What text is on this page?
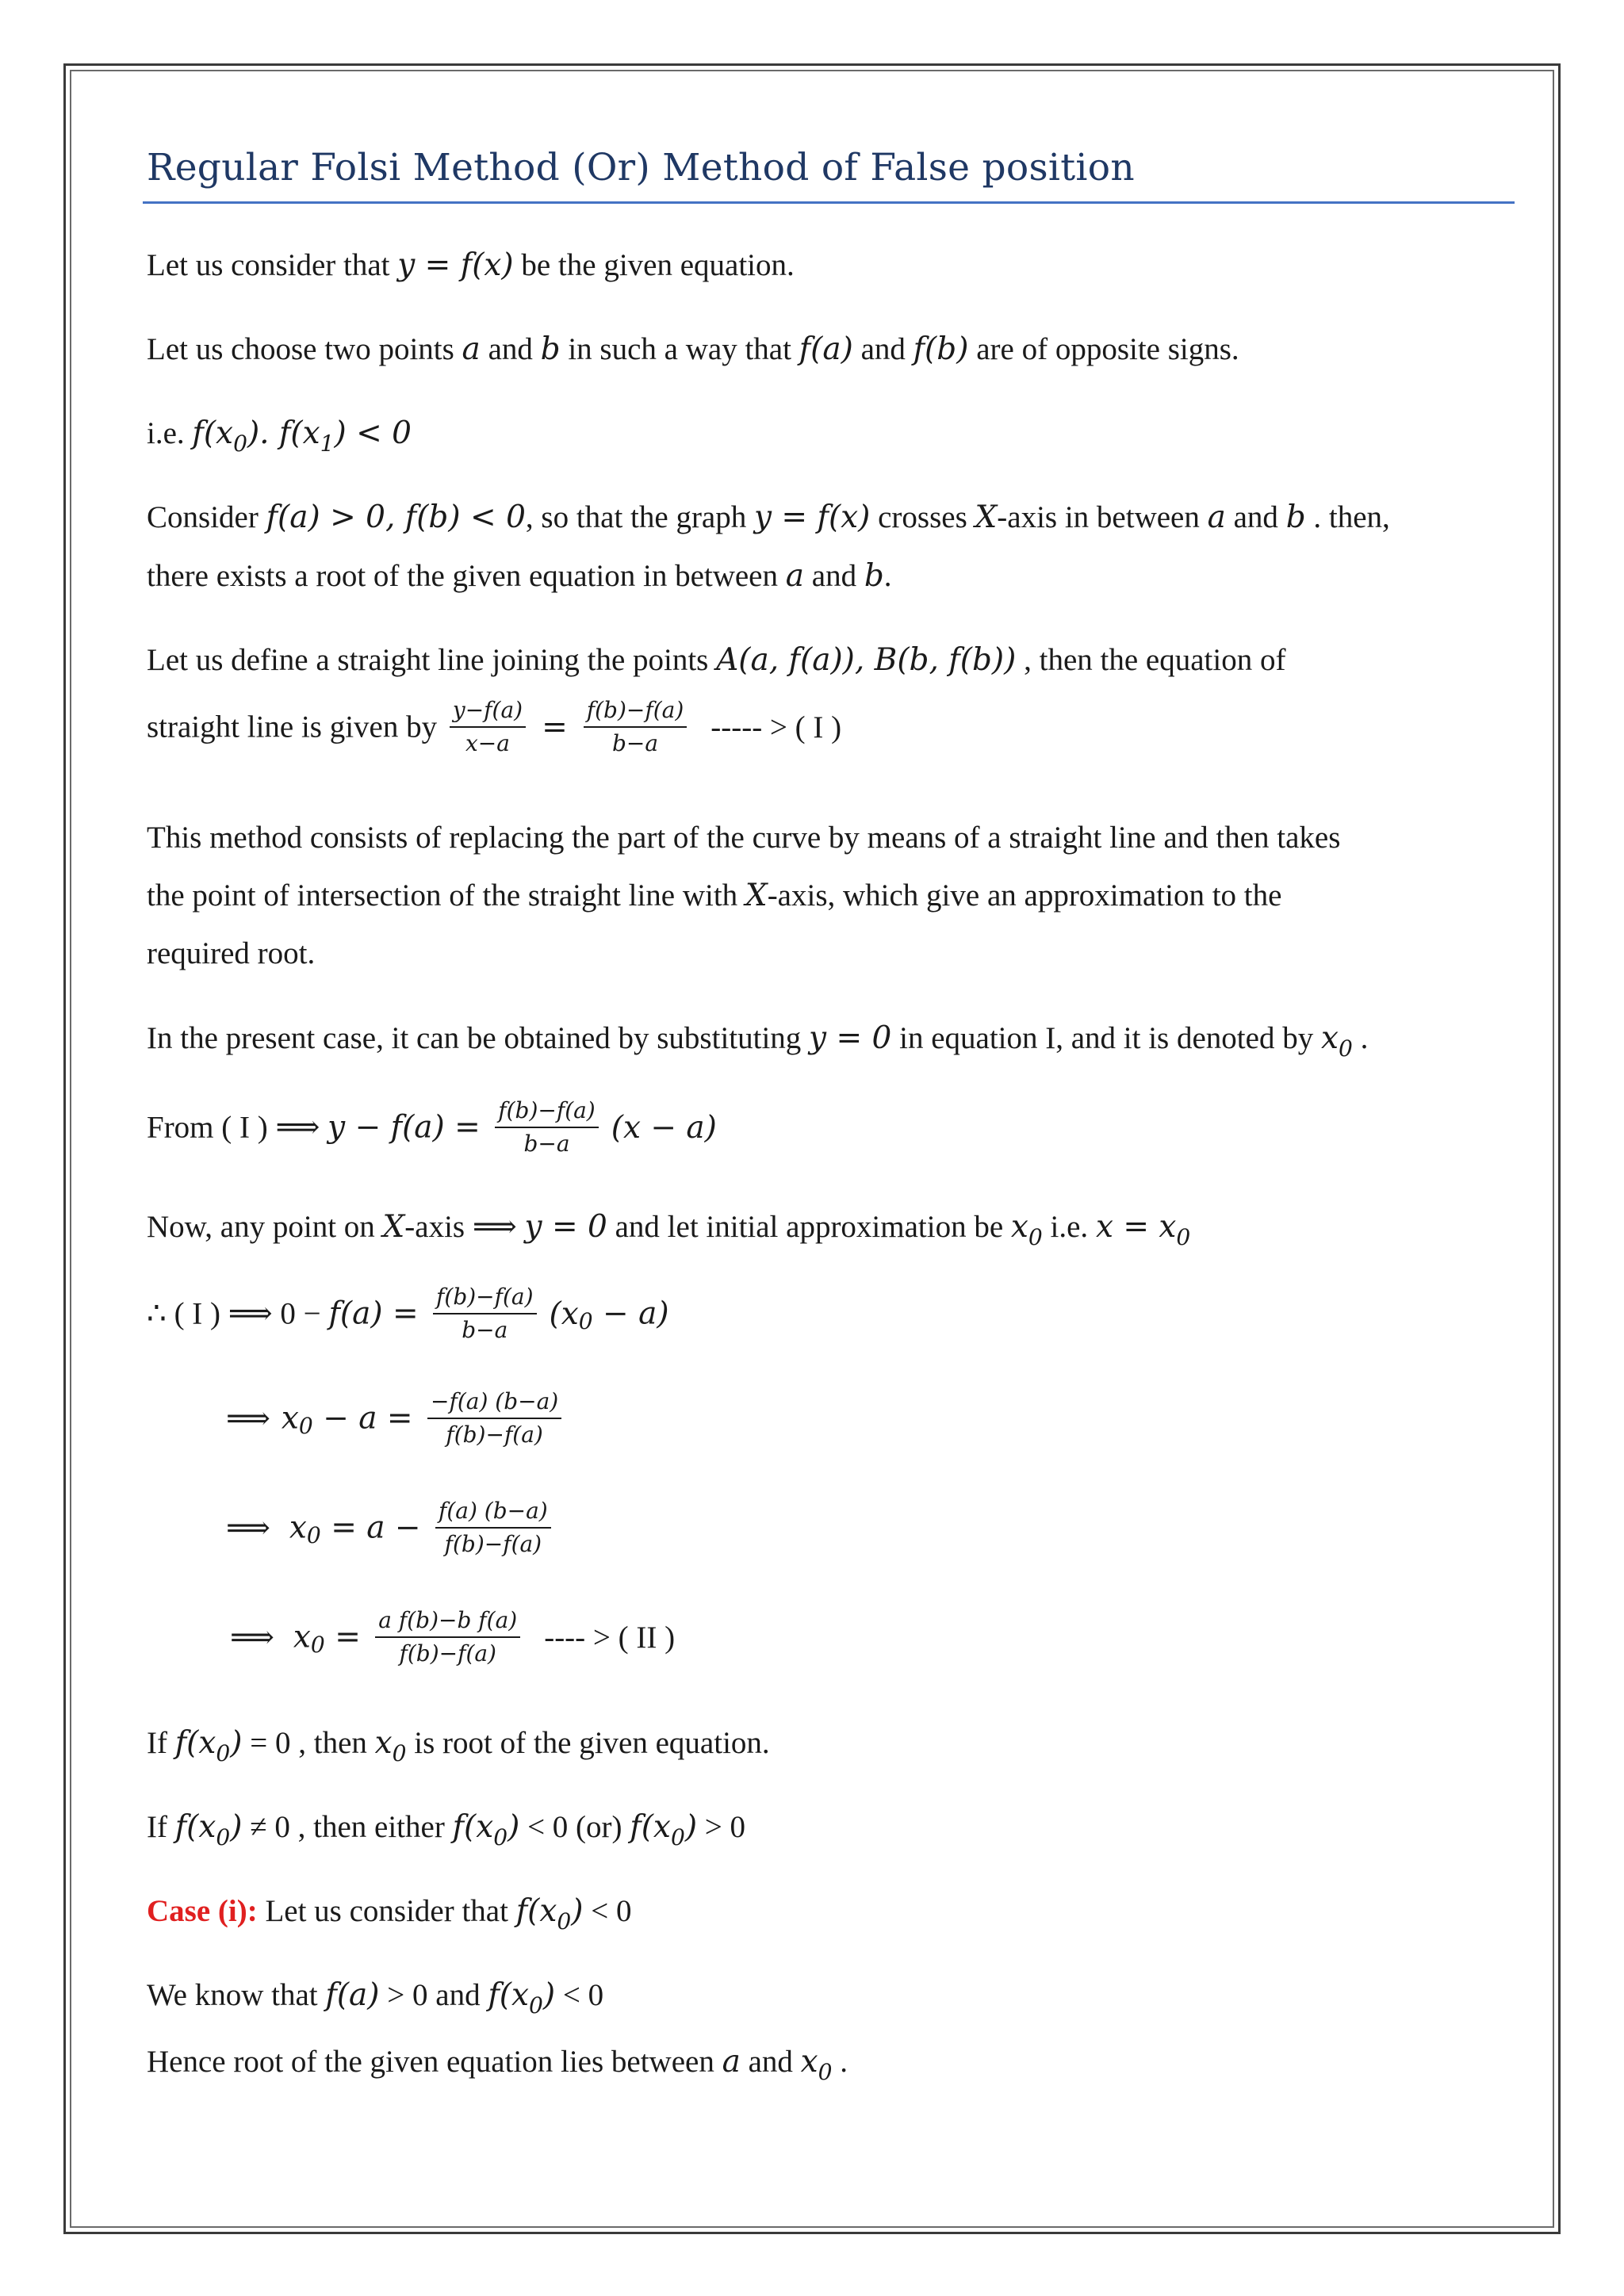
Regular Folsi Method (Or) Method of False position
Let us consider that y = f(x) be the given equation.
Let us choose two points a and b in such a way that f(a) and f(b) are of opposite signs.
i.e. $f(x_0)$. $f(x_1) < 0$
Consider f(a) > 0, f(b) < 0, so that the graph y = f(x) crosses X-axis in between a and b . then,
there exists a root of the given equation in between a and b.
Let us define a straight line joining the points A(a, f(a)), B(b, f(b)) , then the equation of
straight line is given by $\frac{y-f(a)}{x-a} = \frac{f(b)-f(a)}{b-a}$ ----- > ( I )
This method consists of replacing the part of the curve by means of a straight line and then takes
the point of intersection of the straight line with X-axis, which give an approximation to the
required root.
In the present case, it can be obtained by substituting y = 0 in equation I, and it is denoted by $x_0$ .
From ( I ) ⟹ $y - f(a) = \frac{f(b)-f(a)}{b-a} (x - a)$
Now, any point on X-axis ⟹ y = 0 and let initial approximation be $x_0$ i.e. $x = x_0$
∴ ( I ) ⟹ $0 - f(a) = \frac{f(b)-f(a)}{b-a} (x_0 - a)$
⟹ $x_0 - a = \frac{-f(a) (b-a)}{f(b)-f(a)}$
⟹ $x_0 = a - \frac{f(a) (b-a)}{f(b)-f(a)}$
⟹ $x_0 = \frac{\text{a f(b)−b f(a)}}{f(b)-f(a)}$ ---- > ( II )
If $f(x_0) = 0$ , then $x_0$ is root of the given equation.
If $f(x_0) \ne 0$ , then either $f(x_0) < 0$ (or) $f(x_0) > 0$
Case (i): Let us consider that $f(x_0) < 0$
We know that f(a) > 0 and $f(x_0) < 0$
Hence root of the given equation lies between a and $x_0$ .
